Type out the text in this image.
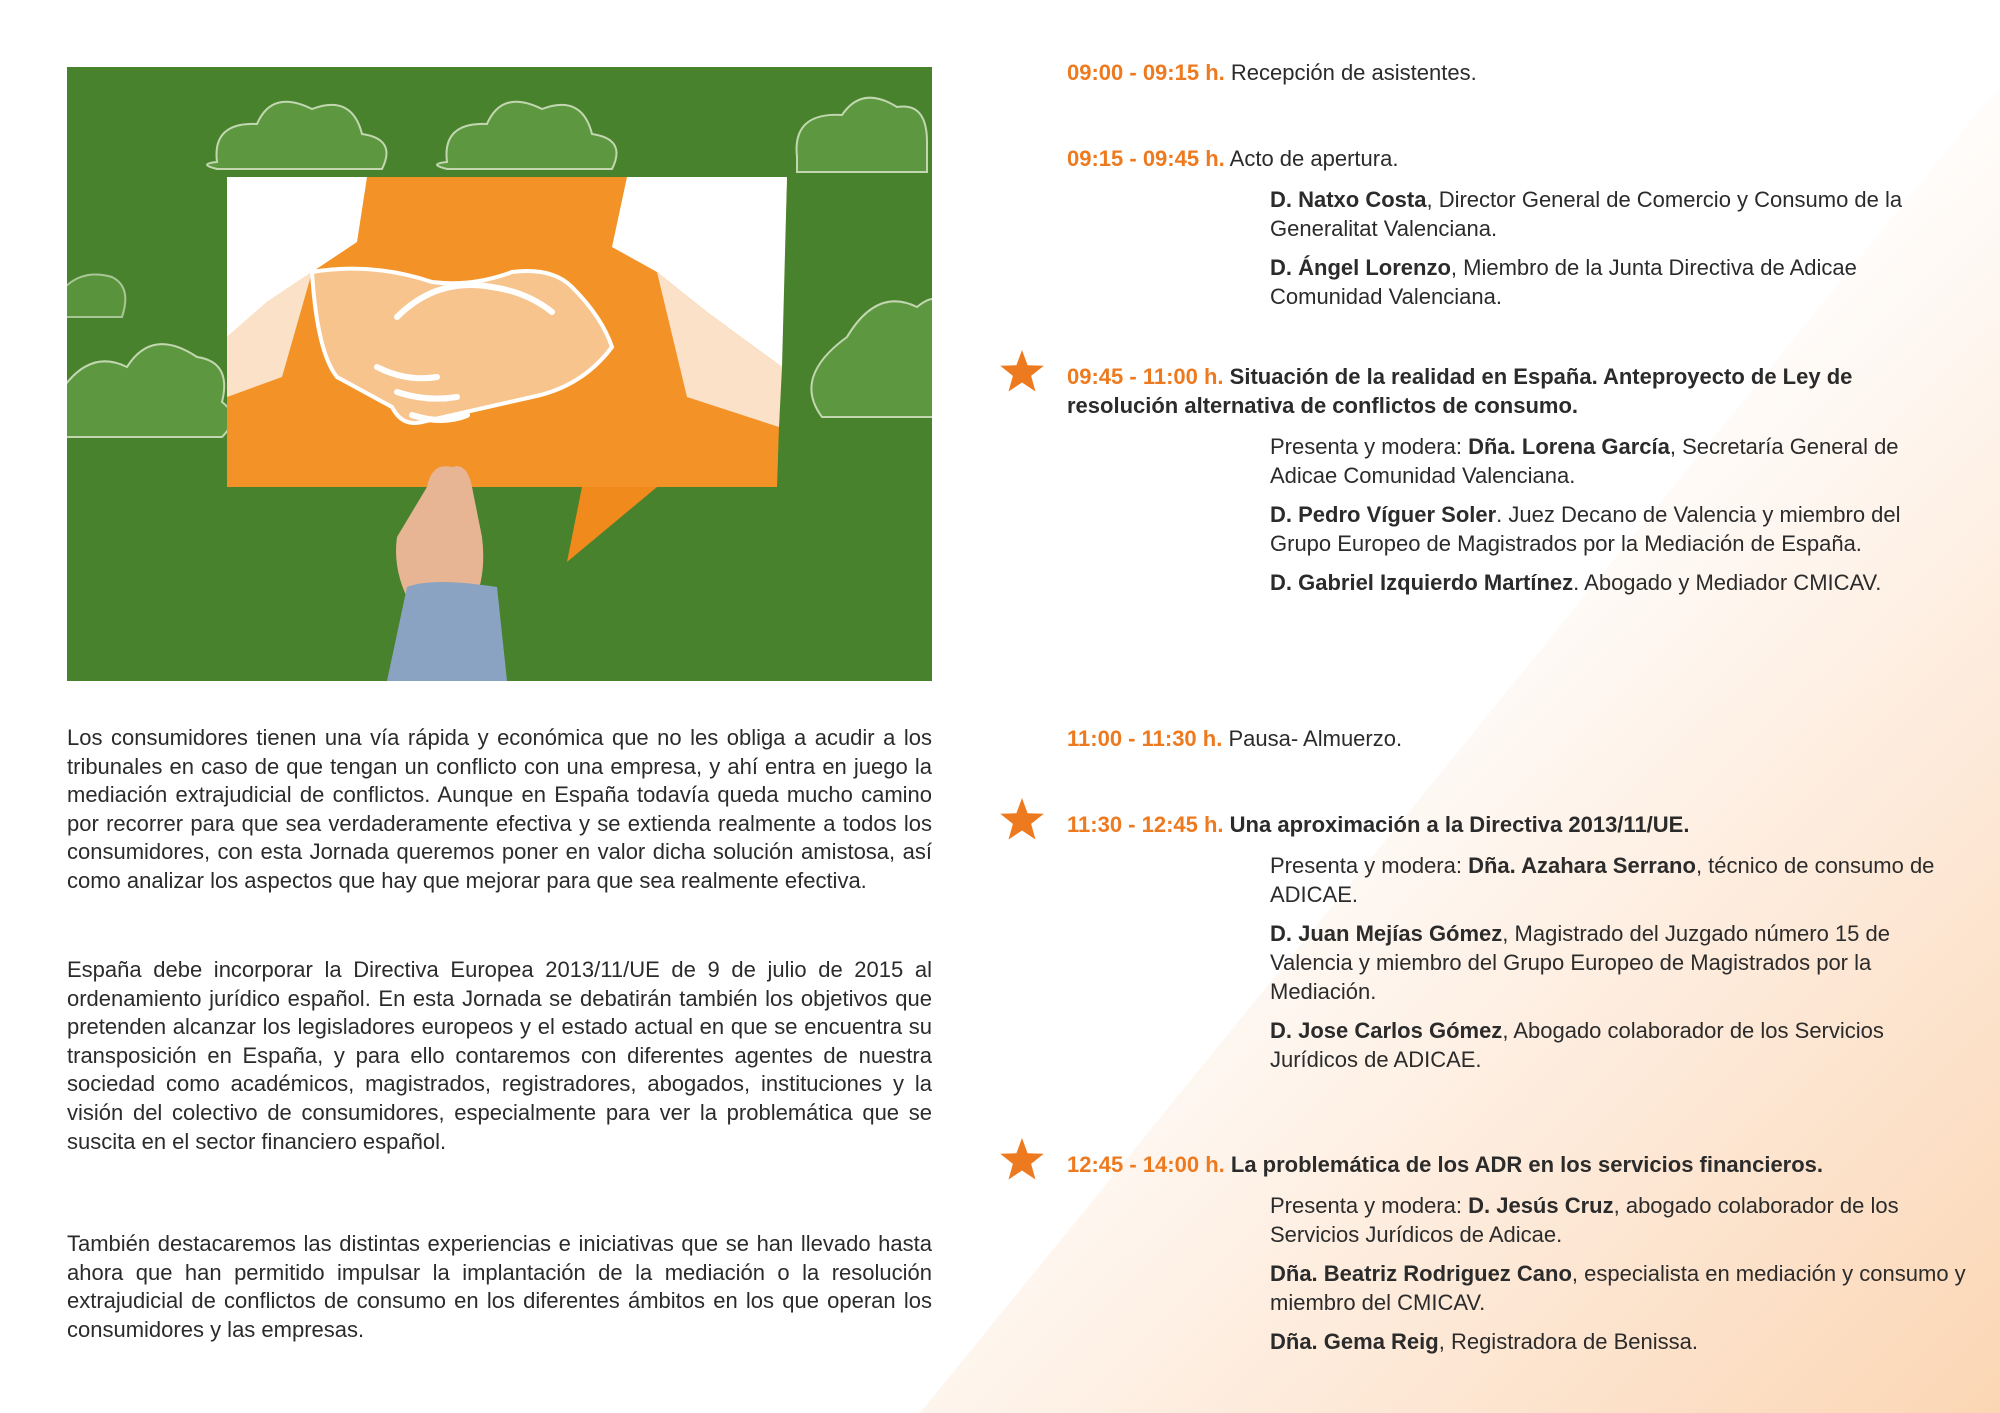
Los consumidores tienen una vía rápida y económica que no les obliga a acudir a los tribunales en caso de que tengan un conflicto con una empresa, y ahí entra en juego la mediación extrajudicial de conflictos. Aunque en España todavía queda mucho camino por recorrer para que sea verdaderamente efectiva y se extienda realmente a todos los consumidores, con esta Jornada queremos poner en valor dicha solución amistosa, así como analizar los aspectos que hay que mejorar para que sea realmente efectiva.

España debe incorporar la Directiva Europea 2013/11/UE de 9 de julio de 2015 al ordenamiento jurídico español. En esta Jornada se debatirán también los objetivos que pretenden alcanzar los legisladores europeos y el estado actual en que se encuentra su transposición en España, y para ello contaremos con diferentes agentes de nuestra sociedad como académicos, magistrados, registradores, abogados, instituciones y la visión del colectivo de consumidores, especialmente para ver la problemática que se suscita en el sector financiero español.

También destacaremos las distintas experiencias e iniciativas que se han llevado hasta ahora que han permitido impulsar la implantación de la mediación o la resolución extrajudicial de conflictos de consumo en los diferentes ámbitos en los que operan los consumidores y las empresas.

09:00 - 09:15 h. Recepción de asistentes.

09:15 - 09:45 h. Acto de apertura.

D. Natxo Costa, Director General de Comercio y Consumo de la Generalitat Valenciana.

D. Ángel Lorenzo, Miembro de la Junta Directiva de Adicae Comunidad Valenciana.

09:45 - 11:00 h. Situación de la realidad en España. Anteproyecto de Ley de resolución alternativa de conflictos de consumo.

Presenta y modera: Dña. Lorena García, Secretaría General de Adicae Comunidad Valenciana.

D. Pedro Víguer Soler. Juez Decano de Valencia y miembro del Grupo Europeo de Magistrados por la Mediación de España.

D. Gabriel Izquierdo Martínez. Abogado y Mediador CMICAV.

11:00 - 11:30 h. Pausa- Almuerzo.

11:30 - 12:45 h. Una aproximación a la Directiva 2013/11/UE.

Presenta y modera: Dña. Azahara Serrano, técnico de consumo de ADICAE.

D. Juan Mejías Gómez, Magistrado del Juzgado número 15 de Valencia y miembro del Grupo Europeo de Magistrados por la Mediación.

D. Jose Carlos Gómez, Abogado colaborador de los Servicios Jurídicos de ADICAE.

12:45 - 14:00 h. La problemática de los ADR en los servicios financieros.

Presenta y modera: D. Jesús Cruz, abogado colaborador de los Servicios Jurídicos de Adicae.

Dña. Beatriz Rodriguez Cano, especialista en mediación y consumo y miembro del CMICAV.

Dña. Gema Reig, Registradora de Benissa.
